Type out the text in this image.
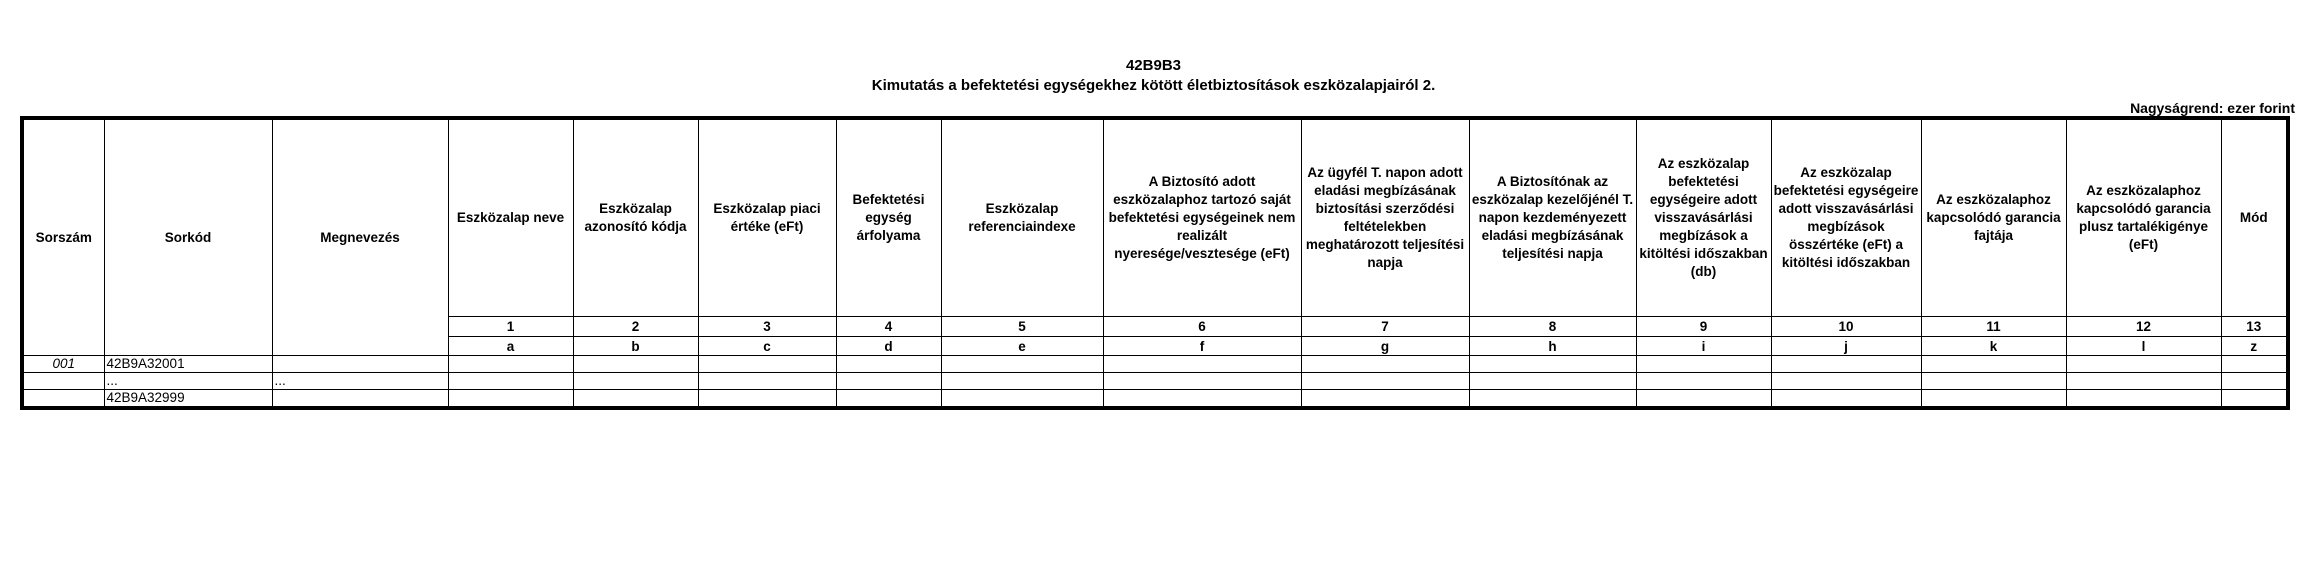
42B9B3
Kimutatás a befektetési egységekhez kötött életbiztosítások eszközalapjairól 2.
Nagyságrend: ezer forint
Sorszám	Sorkód	Megnevezés	Eszközalap neve	Eszközalap azonosító kódja	Eszközalap piaci értéke (eFt)	Befektetési egység árfolyama	Eszközalap referenciaindexe	A Biztosító adott eszközalaphoz tartozó saját befektetési egységeinek nem realizált nyeresége/vesztesége (eFt)	Az ügyfél T. napon adott eladási megbízásának biztosítási szerződési feltételekben meghatározott teljesítési napja	A Biztosítónak az eszközalap kezelőjénél T. napon kezdeményezett eladási megbízásának teljesítési napja	Az eszközalap befektetési egységeire adott visszavásárlási megbízások a kitöltési időszakban (db)	Az eszközalap befektetési egységeire adott visszavásárlási megbízások összértéke (eFt) a kitöltési időszakban	Az eszközalaphoz kapcsolódó garancia fajtája	Az eszközalaphoz kapcsolódó garancia plusz tartalékigénye (eFt)	Mód
			1	2	3	4	5	6	7	8	9	10	11	12	13
			a	b	c	d	e	f	g	h	i	j	k	l	z
001	42B9A32001														
	...	...													
	42B9A32999														
